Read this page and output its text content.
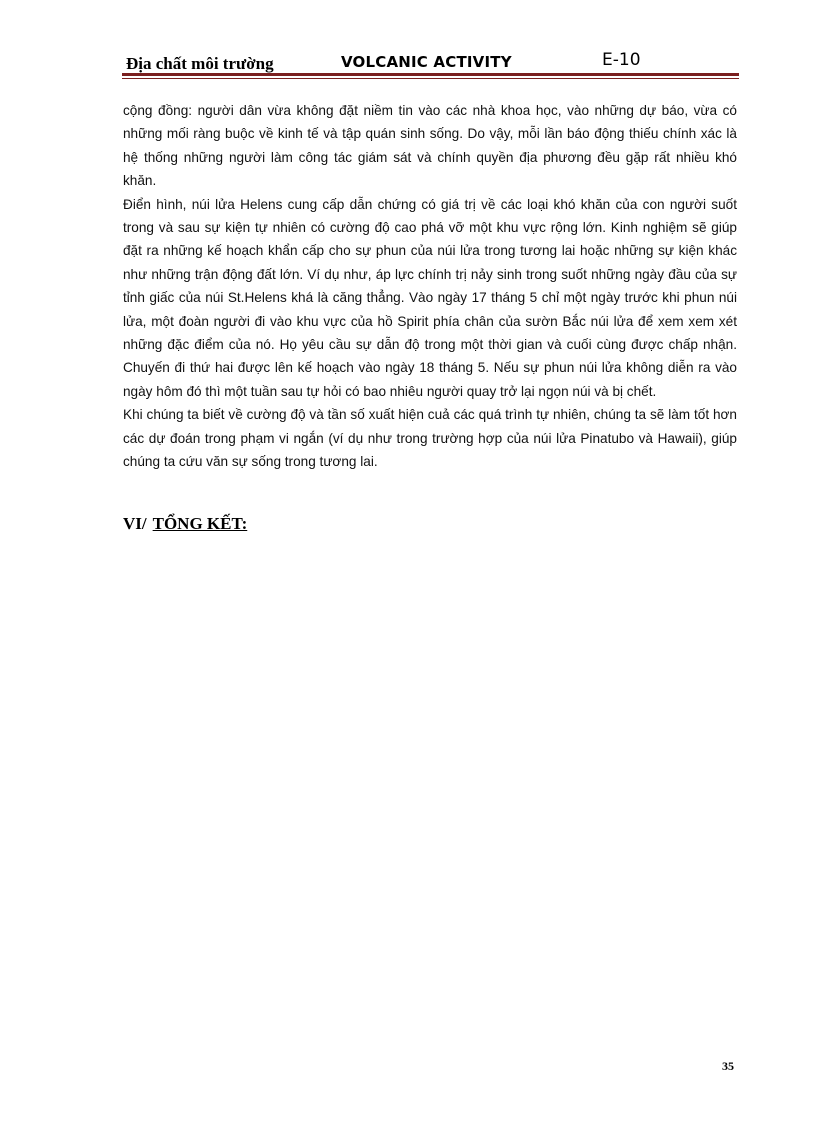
Địa chất môi trường	VOLCANIC ACTIVITY	E-10

cộng đồng: người dân vừa không đặt niềm tin vào các nhà khoa học, vào những dự báo, vừa có những mối ràng buộc về kinh tế và tập quán sinh sống. Do vậy, mỗi lần báo động thiếu chính xác là hệ thống những người làm công tác giám sát và chính quyền địa phương đều gặp rất nhiều khó khăn.

Điển hình, núi lửa Helens cung cấp dẫn chứng có giá trị về các loại khó khăn của con người suốt trong và sau sự kiện tự nhiên có cường độ cao phá vỡ một khu vực rộng lớn. Kinh nghiệm sẽ giúp đặt ra những kế hoạch khẩn cấp cho sự phun của núi lửa trong tương lai hoặc những sự kiện khác như những trận động đất lớn. Ví dụ như, áp lực chính trị nảy sinh trong suốt những ngày đầu của sự tỉnh giấc của núi St.Helens khá là căng thẳng. Vào ngày 17 tháng 5 chỉ một ngày trước khi phun núi lửa, một đoàn người đi vào khu vực của hồ Spirit phía chân của sườn Bắc núi lửa để xem xem xét những đặc điểm của nó. Họ yêu cầu sự dẫn độ trong một thời gian và cuối cùng được chấp nhận. Chuyến đi thứ hai được lên kế hoạch vào ngày 18 tháng 5. Nếu sự phun núi lửa không diễn ra vào ngày hôm đó thì một tuần sau tự hỏi có bao nhiêu người quay trở lại ngọn núi và bị chết.

Khi chúng ta biết về cường độ và tần số xuất hiện cuả các quá trình tự nhiên, chúng ta sẽ làm tốt hơn các dự đoán trong phạm vi ngắn (ví dụ như trong trường hợp của núi lửa Pinatubo và Hawaii), giúp chúng ta cứu văn sự sống trong tương lai.

VI/ TỔNG KẾT:
35
